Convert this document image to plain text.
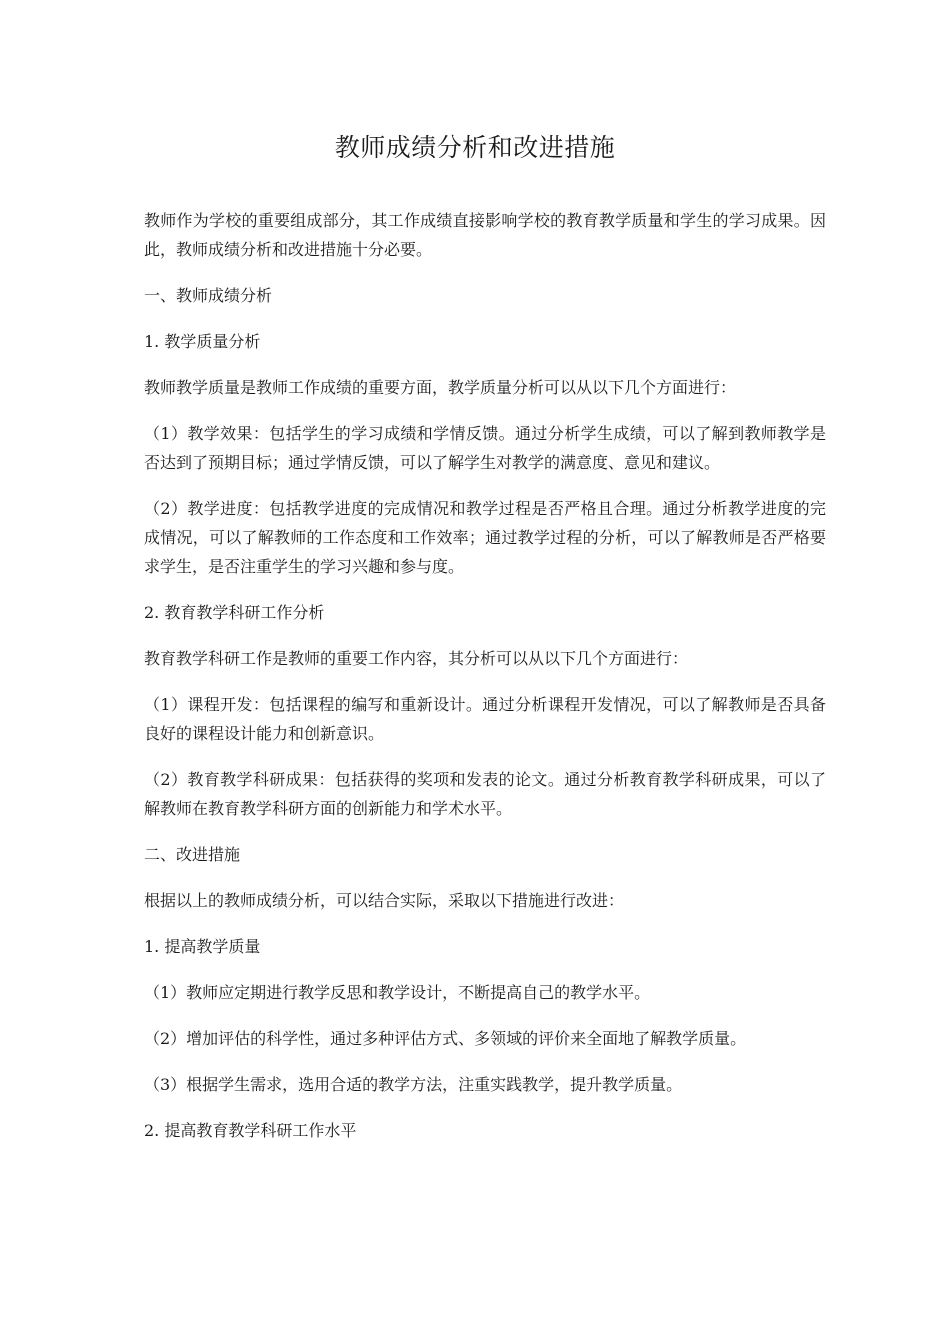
教师成绩分析和改进措施

教师作为学校的重要组成部分，其工作成绩直接影响学校的教育教学质量和学生的学习成果。因此，教师成绩分析和改进措施十分必要。

一、教师成绩分析

1. 教学质量分析

教师教学质量是教师工作成绩的重要方面，教学质量分析可以从以下几个方面进行：

（1）教学效果：包括学生的学习成绩和学情反馈。通过分析学生成绩，可以了解到教师教学是否达到了预期目标；通过学情反馈，可以了解学生对教学的满意度、意见和建议。

（2）教学进度：包括教学进度的完成情况和教学过程是否严格且合理。通过分析教学进度的完成情况，可以了解教师的工作态度和工作效率；通过教学过程的分析，可以了解教师是否严格要求学生，是否注重学生的学习兴趣和参与度。

2. 教育教学科研工作分析

教育教学科研工作是教师的重要工作内容，其分析可以从以下几个方面进行：

（1）课程开发：包括课程的编写和重新设计。通过分析课程开发情况，可以了解教师是否具备良好的课程设计能力和创新意识。

（2）教育教学科研成果：包括获得的奖项和发表的论文。通过分析教育教学科研成果，可以了解教师在教育教学科研方面的创新能力和学术水平。

二、改进措施

根据以上的教师成绩分析，可以结合实际，采取以下措施进行改进：

1. 提高教学质量

（1）教师应定期进行教学反思和教学设计，不断提高自己的教学水平。

（2）增加评估的科学性，通过多种评估方式、多领域的评价来全面地了解教学质量。

（3）根据学生需求，选用合适的教学方法，注重实践教学，提升教学质量。

2. 提高教育教学科研工作水平
